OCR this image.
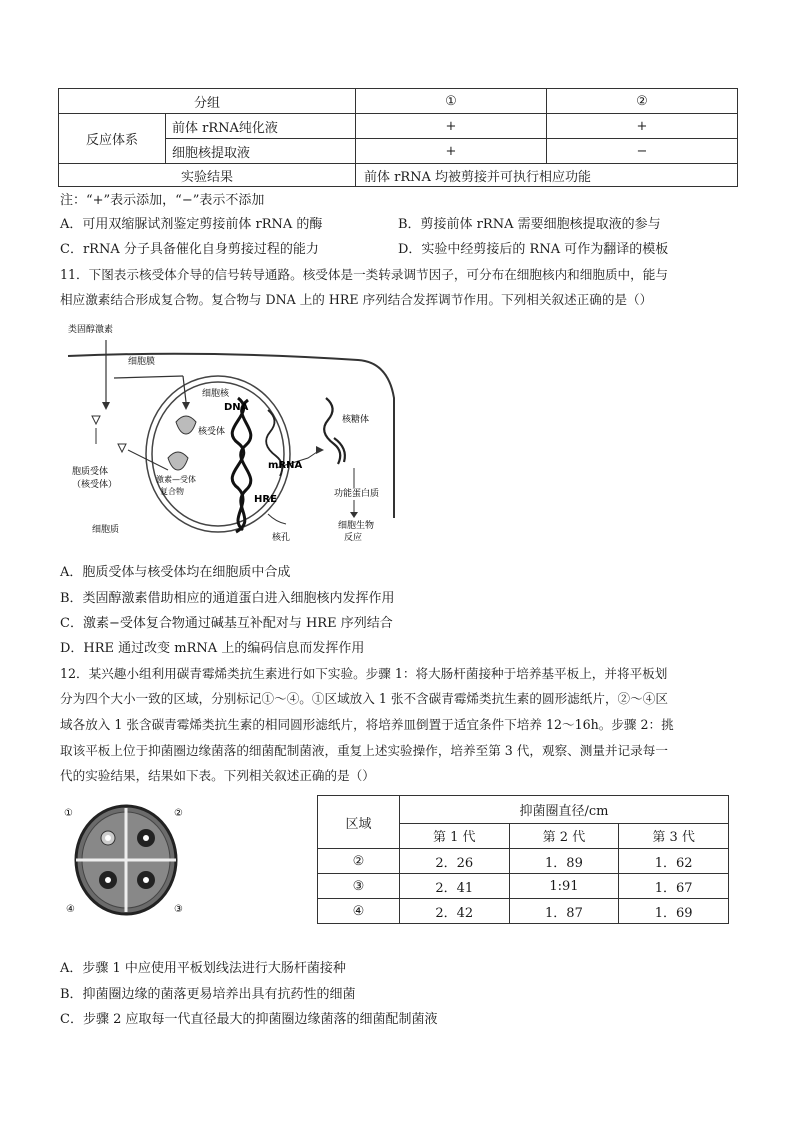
分组		①	②
反应体系	前体 rRNA纯化液	+	+
	细胞核提取液	+	−
实验结果		前体 rRNA 均被剪接并可执行相应功能	
注：“+”表示添加，“−”表示不添加
A．可用双缩脲试剂鉴定剪接前体 rRNA 的酶	B．剪接前体 rRNA 需要细胞核提取液的参与
C．rRNA 分子具备催化自身剪接过程的能力	D．实验中经剪接后的 RNA 可作为翻译的模板
11．下图表示核受体介导的信号转导通路。核受体是一类转录调节因子，可分布在细胞核内和细胞质中，能与
相应激素结合形成复合物。复合物与 DNA 上的 HRE 序列结合发挥调节作用。下列相关叙述正确的是（）
类固醇激素
细胞膜
细胞核
DNA
核受体
胞质受体
（核受体）
激素—受体
复合物
mRNA
HRE
核糖体
功能蛋白质
细胞生物
反应
细胞质
核孔
A．胞质受体与核受体均在细胞质中合成
B．类固醇激素借助相应的通道蛋白进入细胞核内发挥作用
C．激素−受体复合物通过碱基互补配对与 HRE 序列结合
D．HRE 通过改变 mRNA 上的编码信息而发挥作用
12．某兴趣小组利用碳青霉烯类抗生素进行如下实验。步骤 1：将大肠杆菌接种于培养基平板上，并将平板划
分为四个大小一致的区域，分别标记①～④。①区域放入 1 张不含碳青霉烯类抗生素的圆形滤纸片，②～④区
域各放入 1 张含碳青霉烯类抗生素的相同圆形滤纸片，将培养皿倒置于适宜条件下培养 12～16h。步骤 2：挑
取该平板上位于抑菌圈边缘菌落的细菌配制菌液，重复上述实验操作，培养至第 3 代，观察、测量并记录每一
代的实验结果，结果如下表。下列相关叙述正确的是（）
①	②
④	③
区域	抑菌圈直径/cm		
	第 1 代	第 2 代	第 3 代
②	2．26	1．89	1．62
③	2．41	1:91	1．67
④	2．42	1．87	1．69
A．步骤 1 中应使用平板划线法进行大肠杆菌接种
B．抑菌圈边缘的菌落更易培养出具有抗药性的细菌
C．步骤 2 应取每一代直径最大的抑菌圈边缘菌落的细菌配制菌液
